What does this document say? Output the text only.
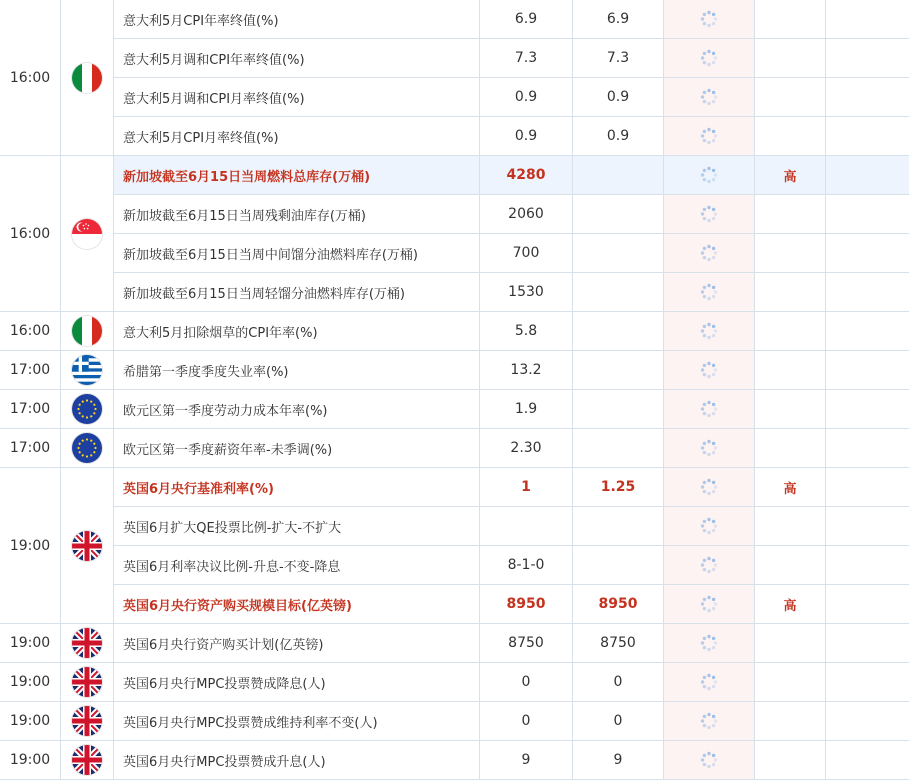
16:00		意大利5月CPI年率终值(%)	6.9	6.9			
		意大利5月调和CPI年率终值(%)	7.3	7.3			
		意大利5月调和CPI月率终值(%)	0.9	0.9			
		意大利5月CPI月率终值(%)	0.9	0.9			
16:00		新加坡截至6月15日当周燃料总库存(万桶)	4280			高	
		新加坡截至6月15日当周残剩油库存(万桶)	2060				
		新加坡截至6月15日当周中间馏分油燃料库存(万桶)	700				
		新加坡截至6月15日当周轻馏分油燃料库存(万桶)	1530				
16:00		意大利5月扣除烟草的CPI年率(%)	5.8				
17:00		希腊第一季度季度失业率(%)	13.2				
17:00		欧元区第一季度劳动力成本年率(%)	1.9				
17:00		欧元区第一季度薪资年率-未季调(%)	2.30				
19:00		英国6月央行基准利率(%)	1	1.25		高	
		英国6月扩大QE投票比例-扩大-不扩大					
		英国6月利率决议比例-升息-不变-降息	8-1-0				
		英国6月央行资产购买规模目标(亿英镑)	8950	8950		高	
19:00		英国6月央行资产购买计划(亿英镑)	8750	8750			
19:00		英国6月央行MPC投票赞成降息(人)	0	0			
19:00		英国6月央行MPC投票赞成维持利率不变(人)	0	0			
19:00		英国6月央行MPC投票赞成升息(人)	9	9			
